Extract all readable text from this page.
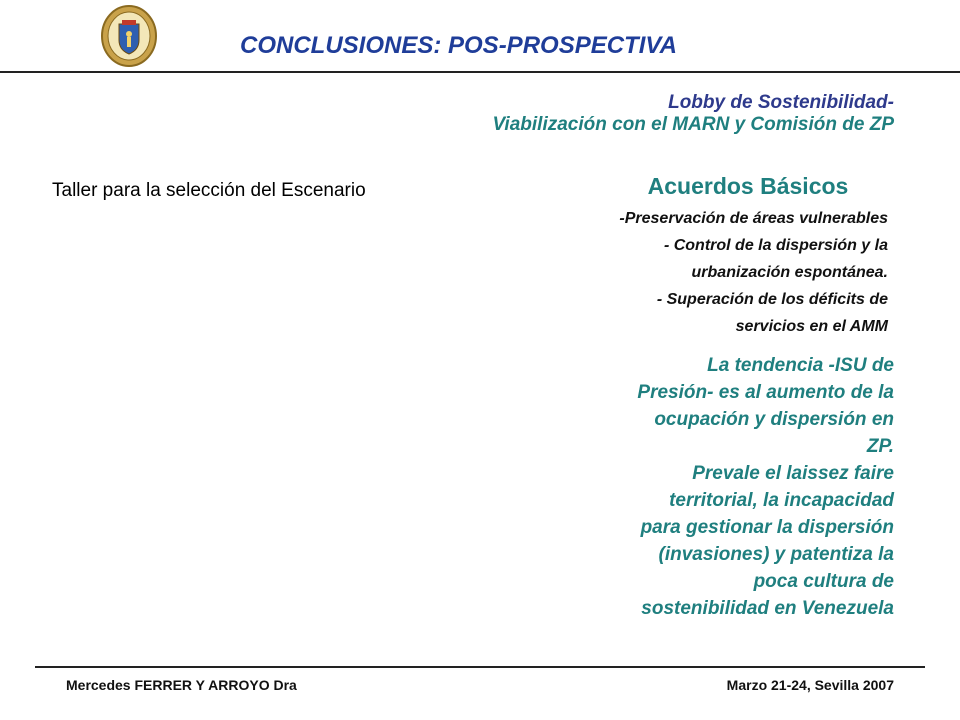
CONCLUSIONES: POS-PROSPECTIVA
Lobby de Sostenibilidad-
Viabilización con el MARN y Comisión de ZP
Taller para la selección del Escenario	Acuerdos Básicos
-Preservación de áreas vulnerables
- Control de la dispersión y la
urbanización espontánea.
- Superación de los déficits de
servicios en el AMM
La tendencia -ISU de
Presión- es al aumento de la
ocupación y dispersión en
ZP.
Prevale el laissez faire
territorial, la incapacidad
para gestionar la dispersión
(invasiones) y patentiza la
poca cultura de
sostenibilidad en Venezuela
Mercedes FERRER Y ARROYO Dra	Marzo 21-24, Sevilla 2007
